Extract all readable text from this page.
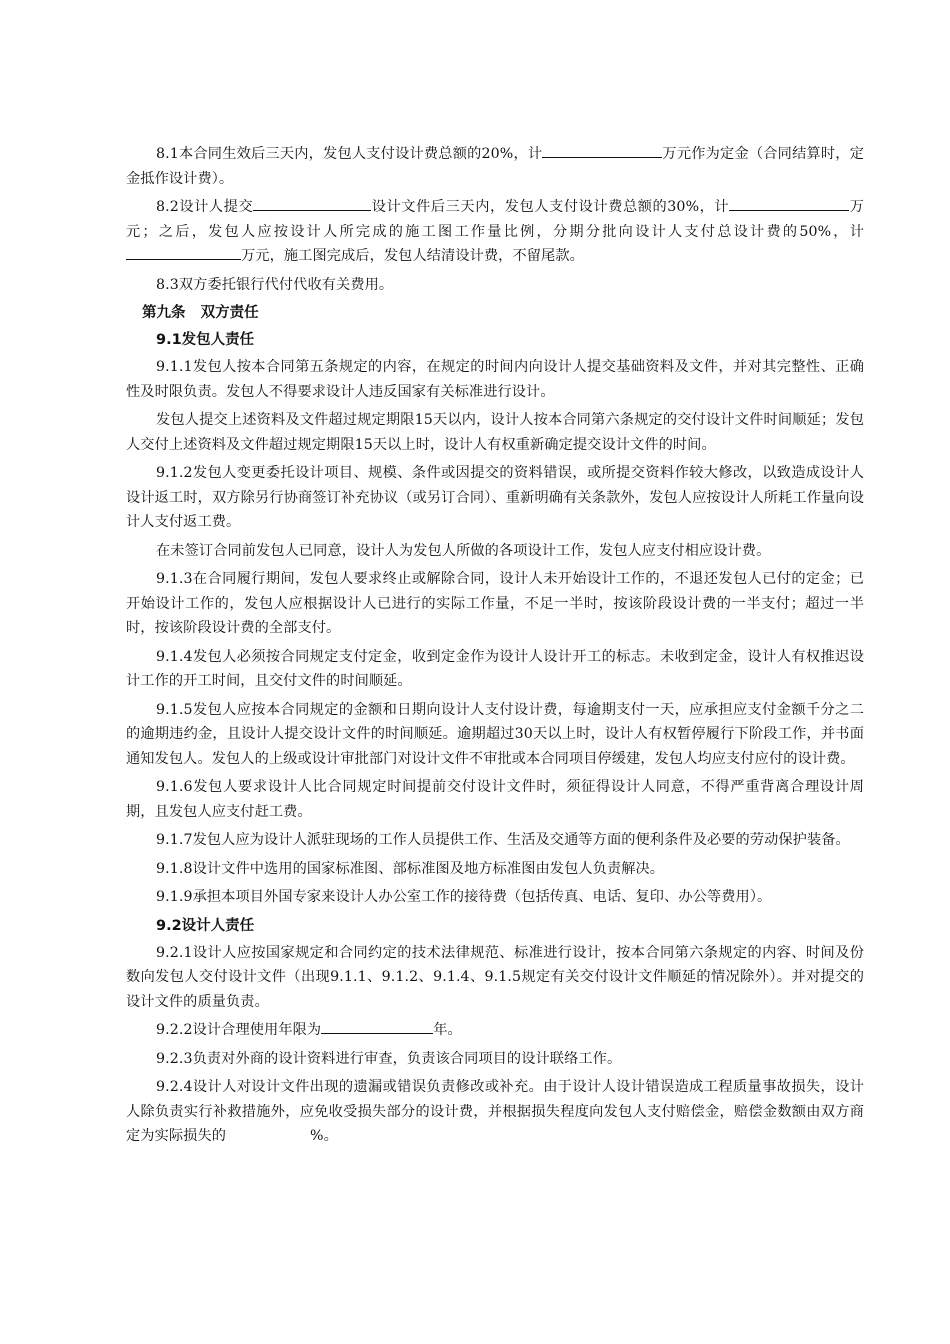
8.1本合同生效后三天内，发包人支付设计费总额的20%，计	万元作为定金（合同结算时，定金抵作设计费）。

8.2设计人提交	设计文件后三天内，发包人支付设计费总额的30%，计	万元；之后，发包人应按设计人所完成的施工图工作量比例，分期分批向设计人支付总设计费的50%，计万元，施工图完成后，发包人结清设计费，不留尾款。

8.3双方委托银行代付代收有关费用。

第九条   双方责任

9.1发包人责任

9.1.1发包人按本合同第五条规定的内容，在规定的时间内向设计人提交基础资料及文件，并对其完整性、正确性及时限负责。发包人不得要求设计人违反国家有关标准进行设计。

发包人提交上述资料及文件超过规定期限15天以内，设计人按本合同第六条规定的交付设计文件时间顺延；发包人交付上述资料及文件超过规定期限15天以上时，设计人有权重新确定提交设计文件的时间。

9.1.2发包人变更委托设计项目、规模、条件或因提交的资料错误，或所提交资料作较大修改，以致造成设计人设计返工时，双方除另行协商签订补充协议（或另订合同）、重新明确有关条款外，发包人应按设计人所耗工作量向设计人支付返工费。

在未签订合同前发包人已同意，设计人为发包人所做的各项设计工作，发包人应支付相应设计费。

9.1.3在合同履行期间，发包人要求终止或解除合同，设计人未开始设计工作的，不退还发包人已付的定金；已开始设计工作的，发包人应根据设计人已进行的实际工作量，不足一半时，按该阶段设计费的一半支付；超过一半时，按该阶段设计费的全部支付。

9.1.4发包人必须按合同规定支付定金，收到定金作为设计人设计开工的标志。未收到定金，设计人有权推迟设计工作的开工时间，且交付文件的时间顺延。

9.1.5发包人应按本合同规定的金额和日期向设计人支付设计费，每逾期支付一天，应承担应支付金额千分之二的逾期违约金，且设计人提交设计文件的时间顺延。逾期超过30天以上时，设计人有权暂停履行下阶段工作，并书面通知发包人。发包人的上级或设计审批部门对设计文件不审批或本合同项目停缓建，发包人均应支付应付的设计费。

9.1.6发包人要求设计人比合同规定时间提前交付设计文件时，须征得设计人同意，不得严重背离合理设计周期，且发包人应支付赶工费。

9.1.7发包人应为设计人派驻现场的工作人员提供工作、生活及交通等方面的便利条件及必要的劳动保护装备。

9.1.8设计文件中选用的国家标准图、部标准图及地方标准图由发包人负责解决。

9.1.9承担本项目外国专家来设计人办公室工作的接待费（包括传真、电话、复印、办公等费用）。

9.2设计人责任

9.2.1设计人应按国家规定和合同约定的技术法律规范、标准进行设计，按本合同第六条规定的内容、时间及份数向发包人交付设计文件（出现9.1.1、9.1.2、9.1.4、9.1.5规定有关交付设计文件顺延的情况除外）。并对提交的设计文件的质量负责。

9.2.2设计合理使用年限为	年。

9.2.3负责对外商的设计资料进行审查，负责该合同项目的设计联络工作。

9.2.4设计人对设计文件出现的遗漏或错误负责修改或补充。由于设计人设计错误造成工程质量事故损失，设计人除负责实行补救措施外，应免收受损失部分的设计费，并根据损失程度向发包人支付赔偿金，赔偿金数额由双方商定为实际损失的	%。
